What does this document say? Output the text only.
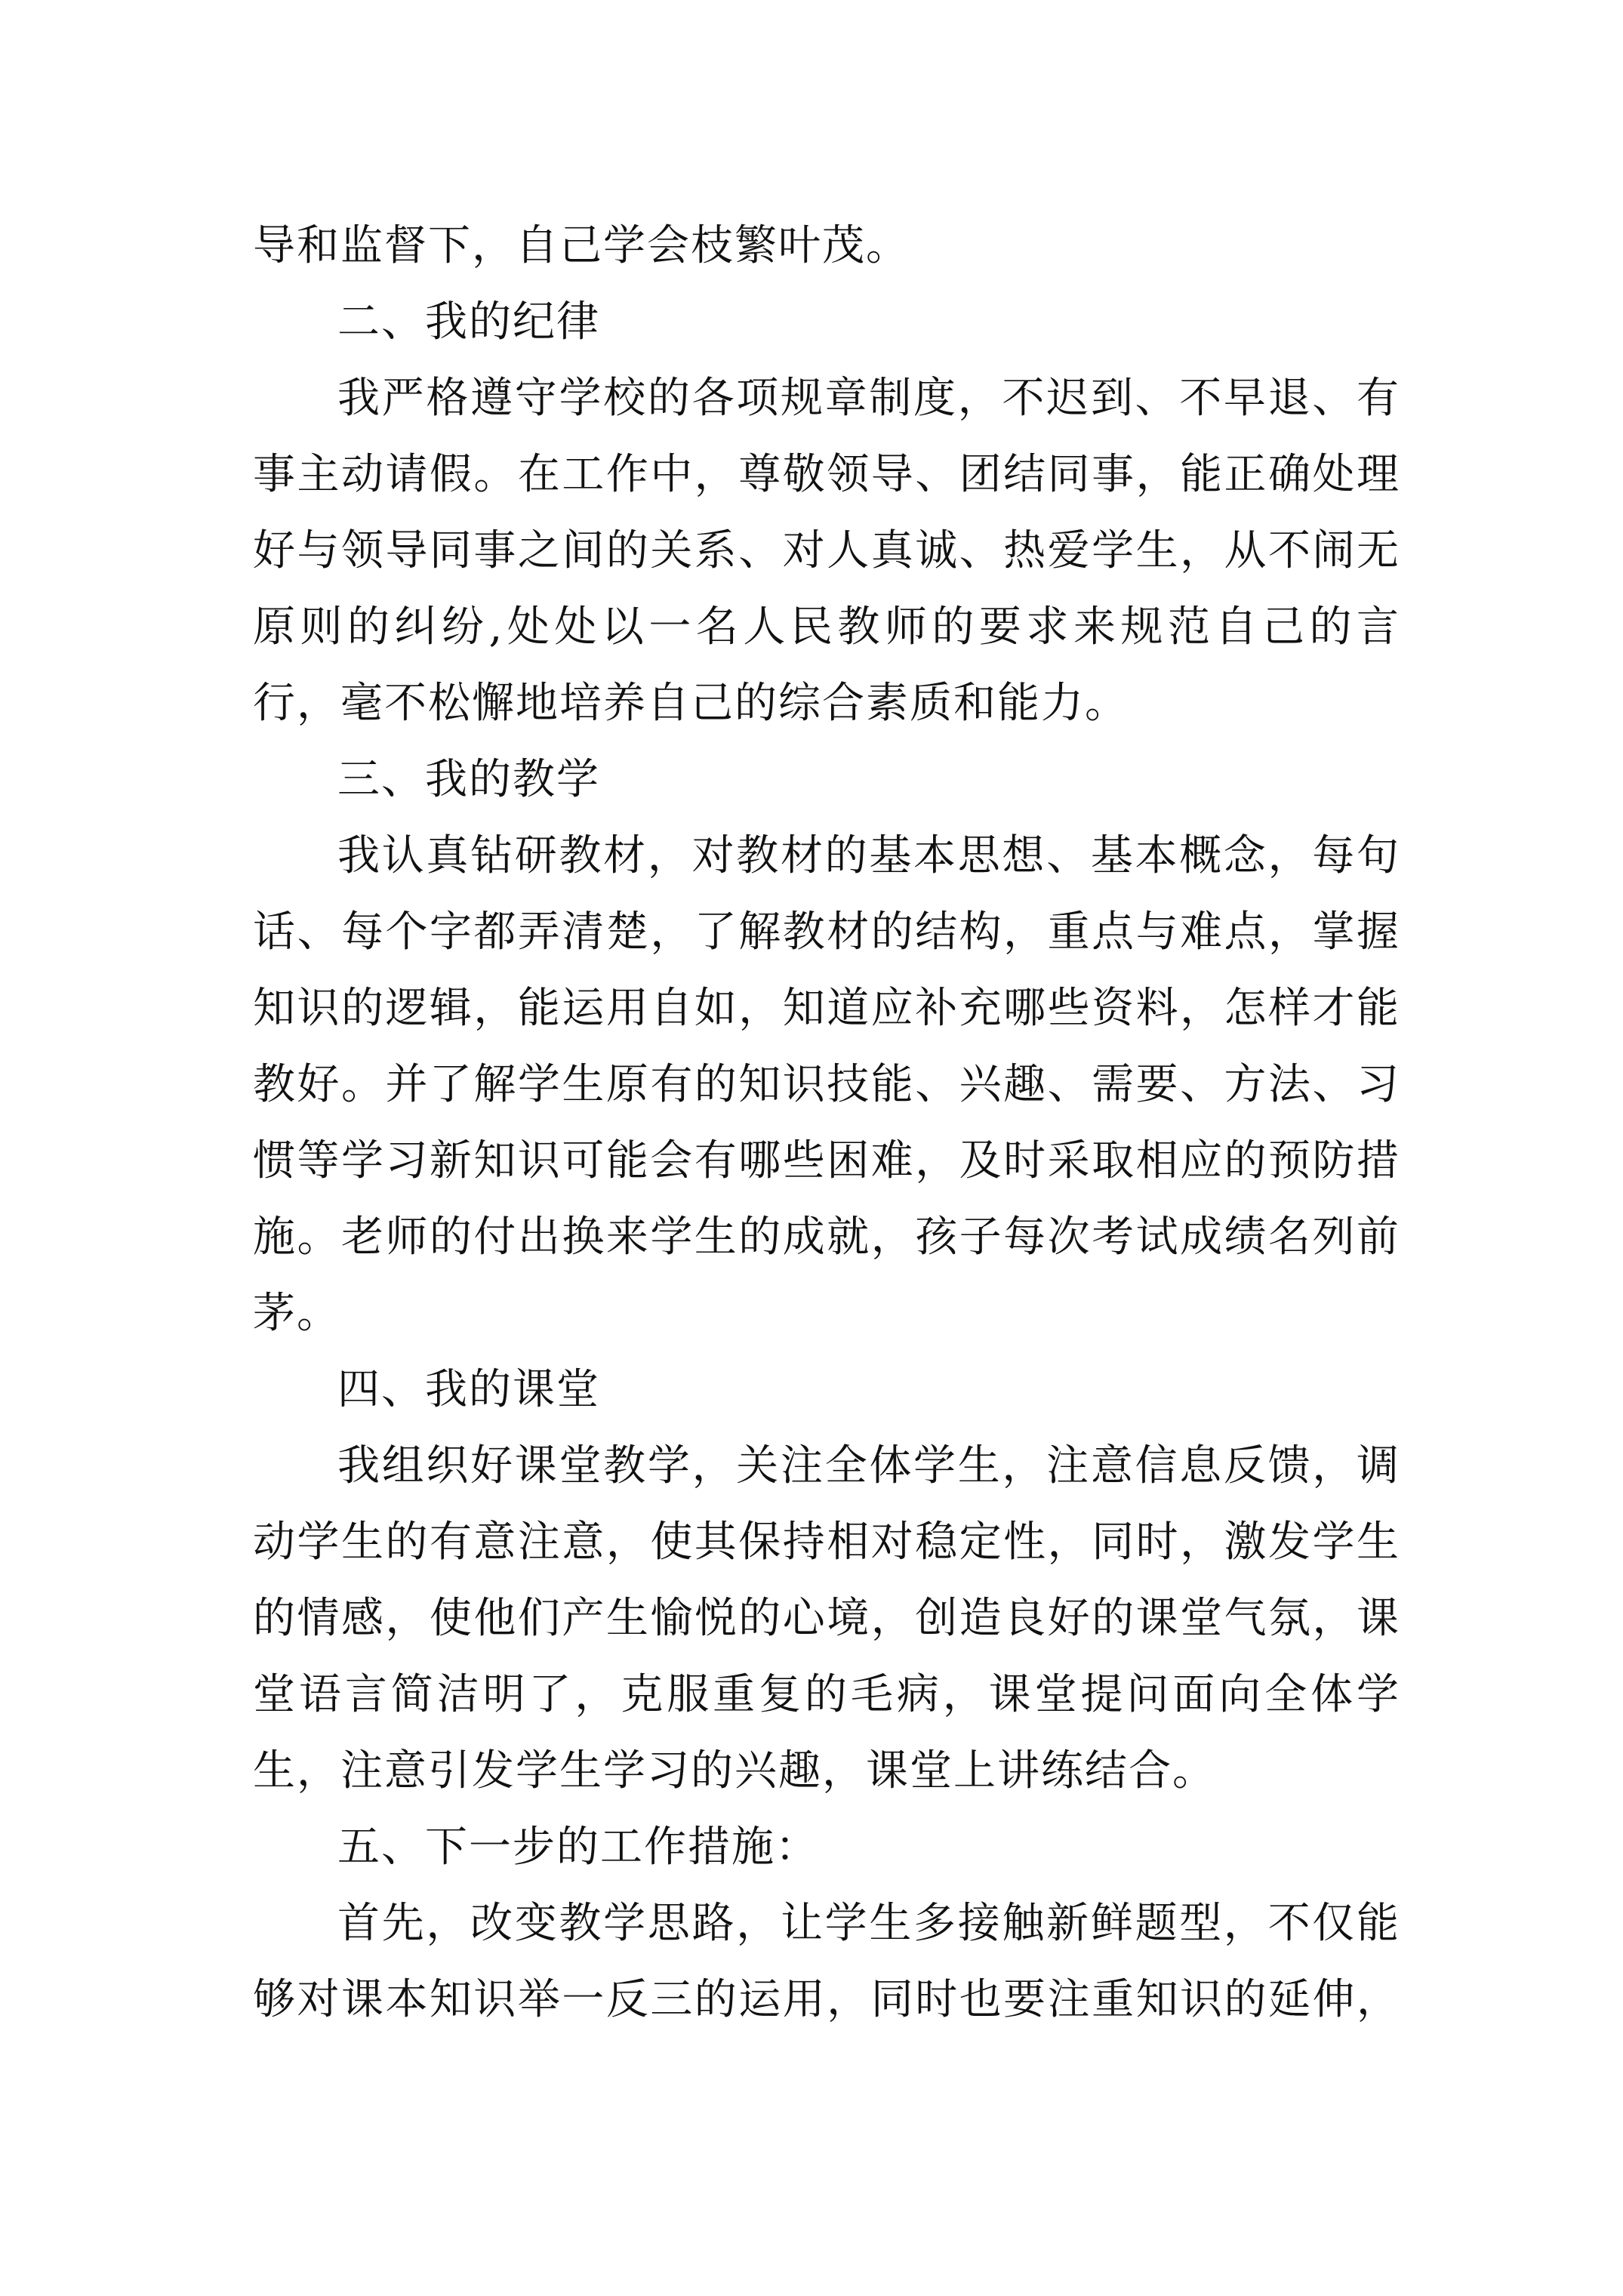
导和监督下，自己学会枝繁叶茂。

二、我的纪律

我严格遵守学校的各项规章制度，不迟到、不早退、有事主动请假。在工作中，尊敬领导、团结同事，能正确处理好与领导同事之间的关系、对人真诚、热爱学生，从不闹无原则的纠纷,处处以一名人民教师的要求来规范自己的言行，毫不松懈地培养自己的综合素质和能力。

三、我的教学

我认真钻研教材，对教材的基本思想、基本概念，每句话、每个字都弄清楚，了解教材的结构，重点与难点，掌握知识的逻辑，能运用自如，知道应补充哪些资料，怎样才能教好。并了解学生原有的知识技能、兴趣、需要、方法、习惯等学习新知识可能会有哪些困难，及时采取相应的预防措施。老师的付出换来学生的成就，孩子每次考试成绩名列前茅。

四、我的课堂

我组织好课堂教学，关注全体学生，注意信息反馈，调动学生的有意注意，使其保持相对稳定性，同时，激发学生的情感，使他们产生愉悦的心境，创造良好的课堂气氛，课堂语言简洁明了，克服重复的毛病，课堂提问面向全体学生，注意引发学生学习的兴趣，课堂上讲练结合。

五、下一步的工作措施：

首先，改变教学思路，让学生多接触新鲜题型，不仅能够对课本知识举一反三的运用，同时也要注重知识的延伸，
